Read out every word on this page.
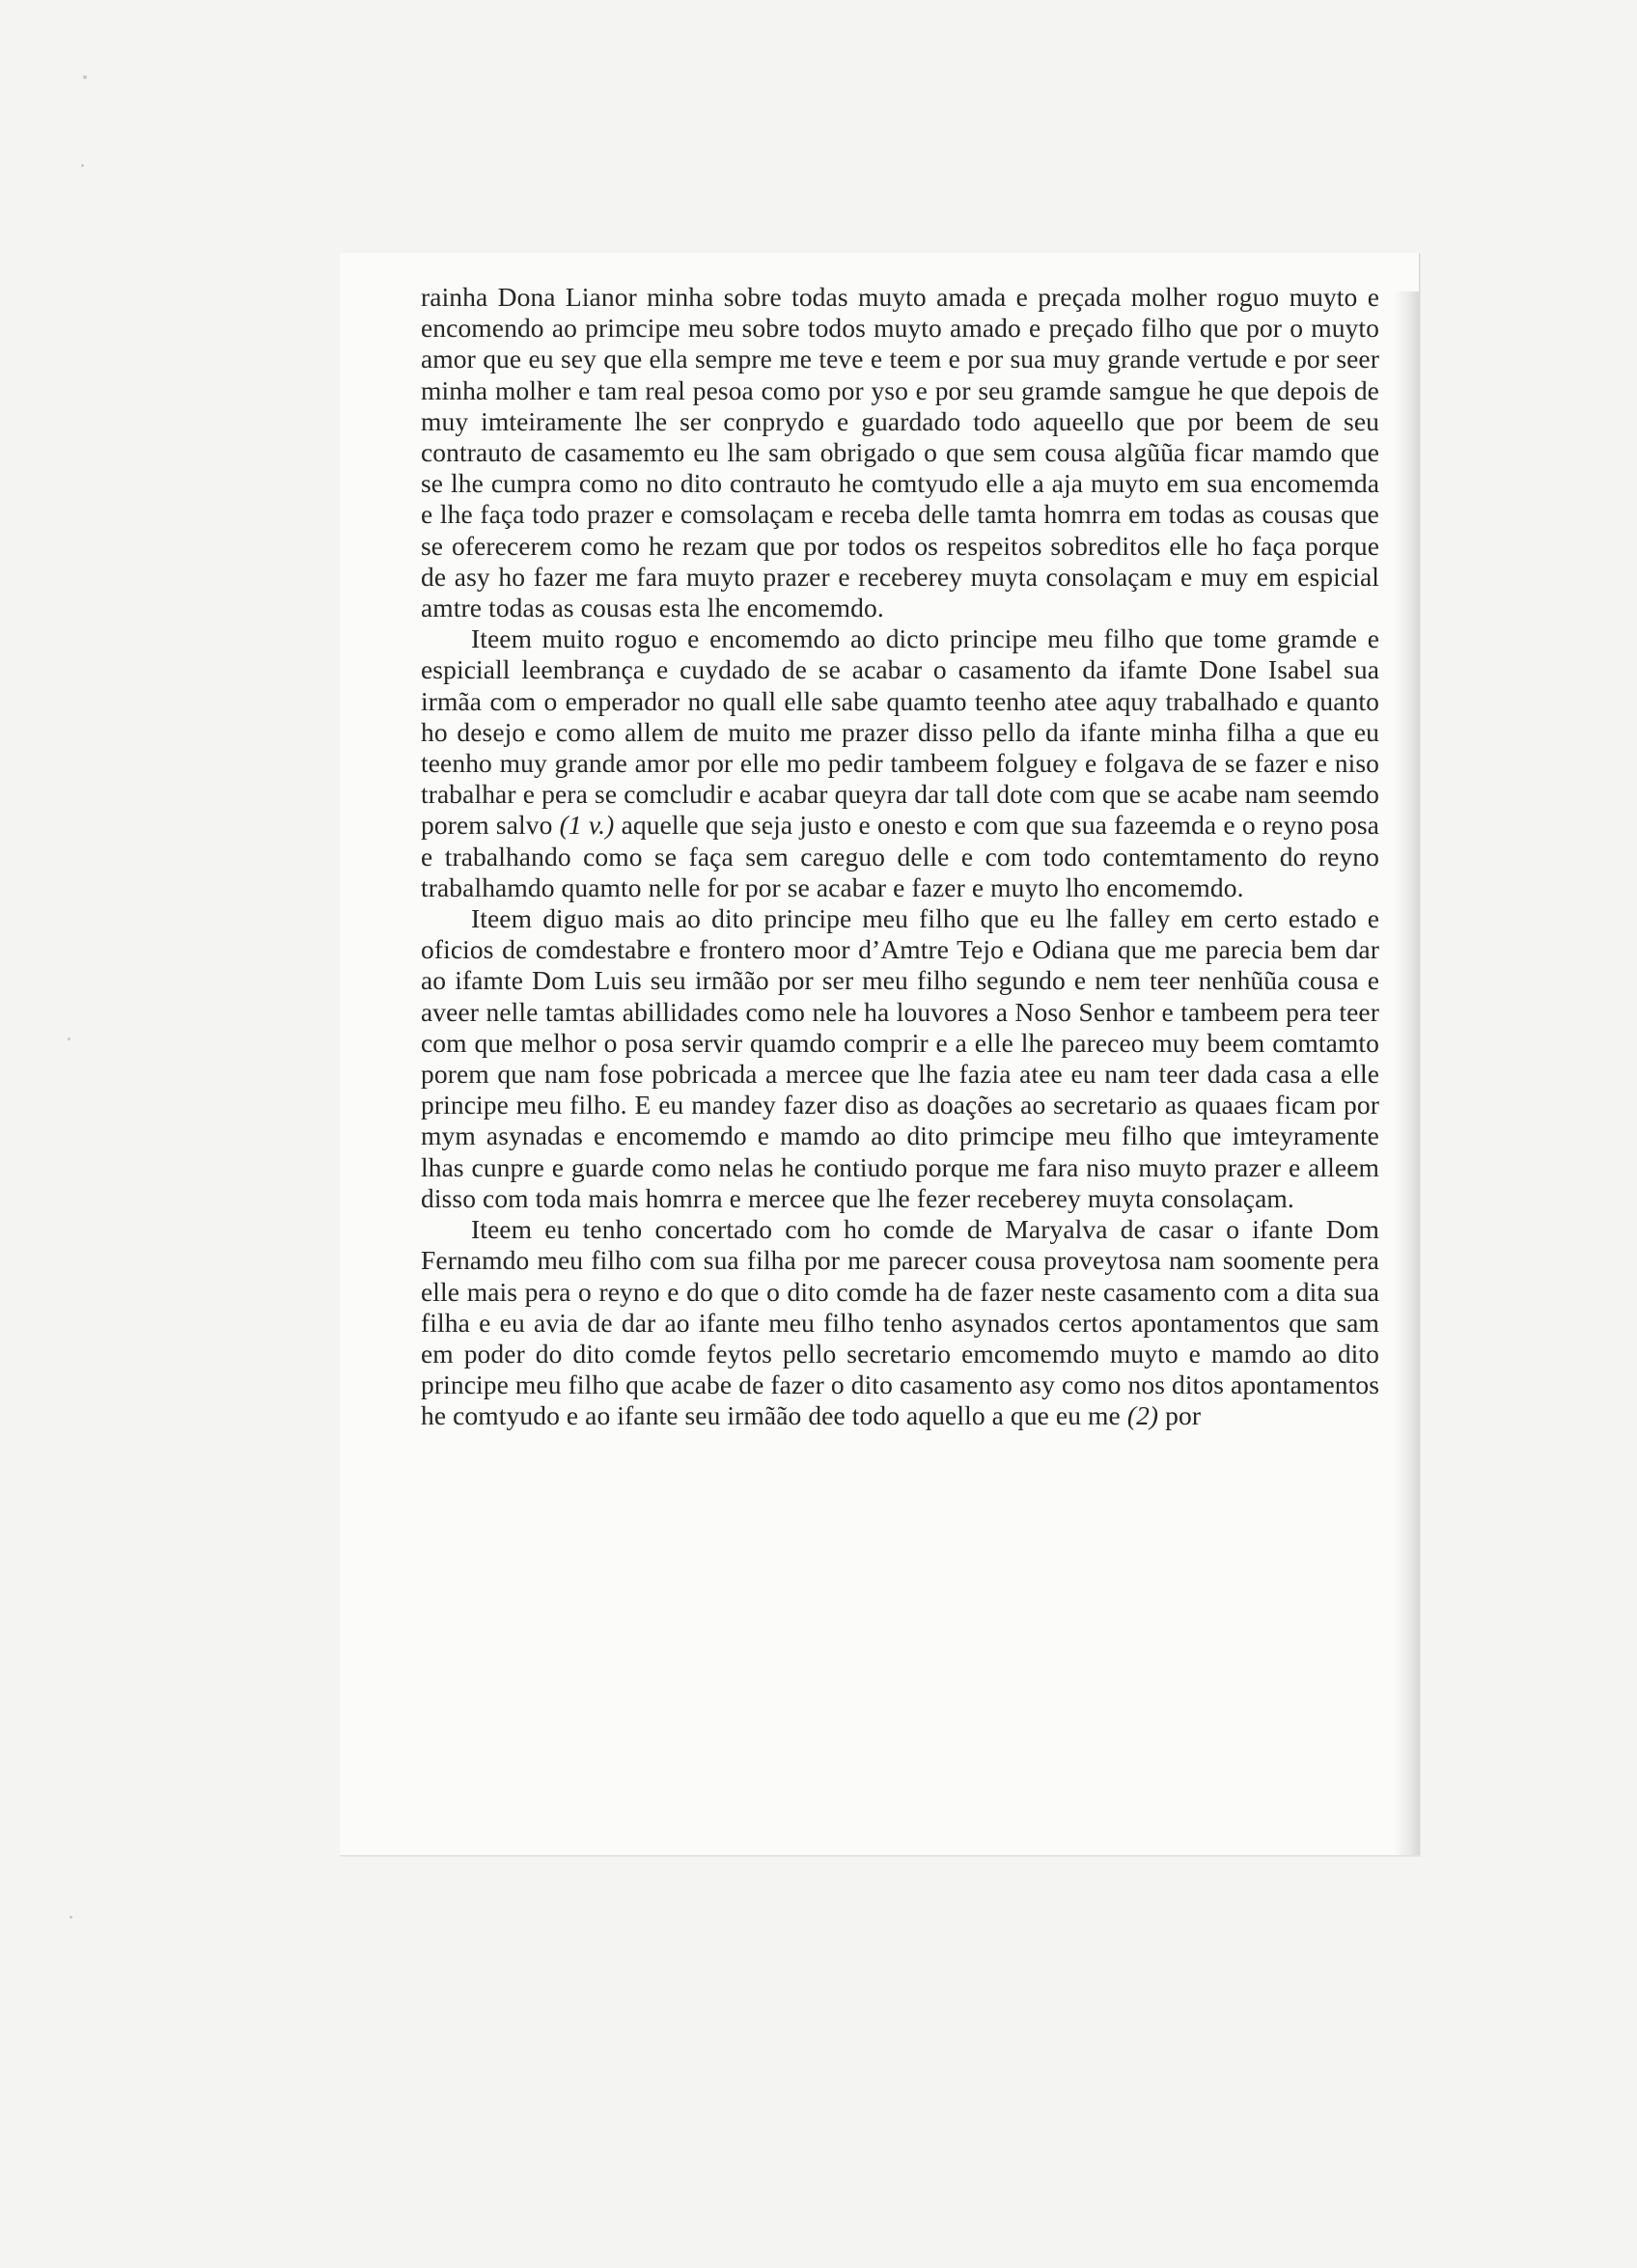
rainha Dona Lianor minha sobre todas muyto amada e preçada molher roguo muyto e encomendo ao primcipe meu sobre todos muyto amado e preçado filho que por o muyto amor que eu sey que ella sempre me teve e teem e por sua muy grande vertude e por seer minha molher e tam real pesoa como por yso e por seu gramde samgue he que depois de muy imteiramente lhe ser conprydo e guardado todo aqueello que por beem de seu contrauto de casamemto eu lhe sam obrigado o que sem cousa algũũa ficar mamdo que se lhe cumpra como no dito contrauto he comtyudo elle a aja muyto em sua encomemda e lhe faça todo prazer e comsolaçam e receba delle tamta homrra em todas as cousas que se oferecerem como he rezam que por todos os respeitos sobreditos elle ho faça porque de asy ho fazer me fara muyto prazer e receberey muyta consolaçam e muy em espicial amtre todas as cousas esta lhe encomemdo.

Iteem muito roguo e encomemdo ao dicto principe meu filho que tome gramde e espiciall leembrança e cuydado de se acabar o casamento da ifamte Done Isabel sua irmãa com o emperador no quall elle sabe quamto teenho atee aquy trabalhado e quanto ho desejo e como allem de muito me prazer disso pello da ifante minha filha a que eu teenho muy grande amor por elle mo pedir tambeem folguey e folgava de se fazer e niso trabalhar e pera se comcludir e acabar queyra dar tall dote com que se acabe nam seemdo porem salvo (1 v.) aquelle que seja justo e onesto e com que sua fazeemda e o reyno posa e trabalhando como se faça sem careguo delle e com todo contemtamento do reyno trabalhamdo quamto nelle for por se acabar e fazer e muyto lho encomemdo.

Iteem diguo mais ao dito principe meu filho que eu lhe falley em certo estado e oficios de comdestabre e frontero moor d’Amtre Tejo e Odiana que me parecia bem dar ao ifamte Dom Luis seu irmãão por ser meu filho segundo e nem teer nenhũũa cousa e aveer nelle tamtas abillidades como nele ha louvores a Noso Senhor e tambeem pera teer com que melhor o posa servir quamdo comprir e a elle lhe pareceo muy beem comtamto porem que nam fose pobricada a mercee que lhe fazia atee eu nam teer dada casa a elle principe meu filho. E eu mandey fazer diso as doações ao secretario as quaaes ficam por mym asynadas e encomemdo e mamdo ao dito primcipe meu filho que imteyramente lhas cunpre e guarde como nelas he contiudo porque me fara niso muyto prazer e alleem disso com toda mais homrra e mercee que lhe fezer receberey muyta consolaçam.

Iteem eu tenho concertado com ho comde de Maryalva de casar o ifante Dom Fernamdo meu filho com sua filha por me parecer cousa proveytosa nam soomente pera elle mais pera o reyno e do que o dito comde ha de fazer neste casamento com a dita sua filha e eu avia de dar ao ifante meu filho tenho asynados certos apontamentos que sam em poder do dito comde feytos pello secretario emcomemdo muyto e mamdo ao dito principe meu filho que acabe de fazer o dito casamento asy como nos ditos apontamentos he comtyudo e ao ifante seu irmãão dee todo aquello a que eu me (2) por
